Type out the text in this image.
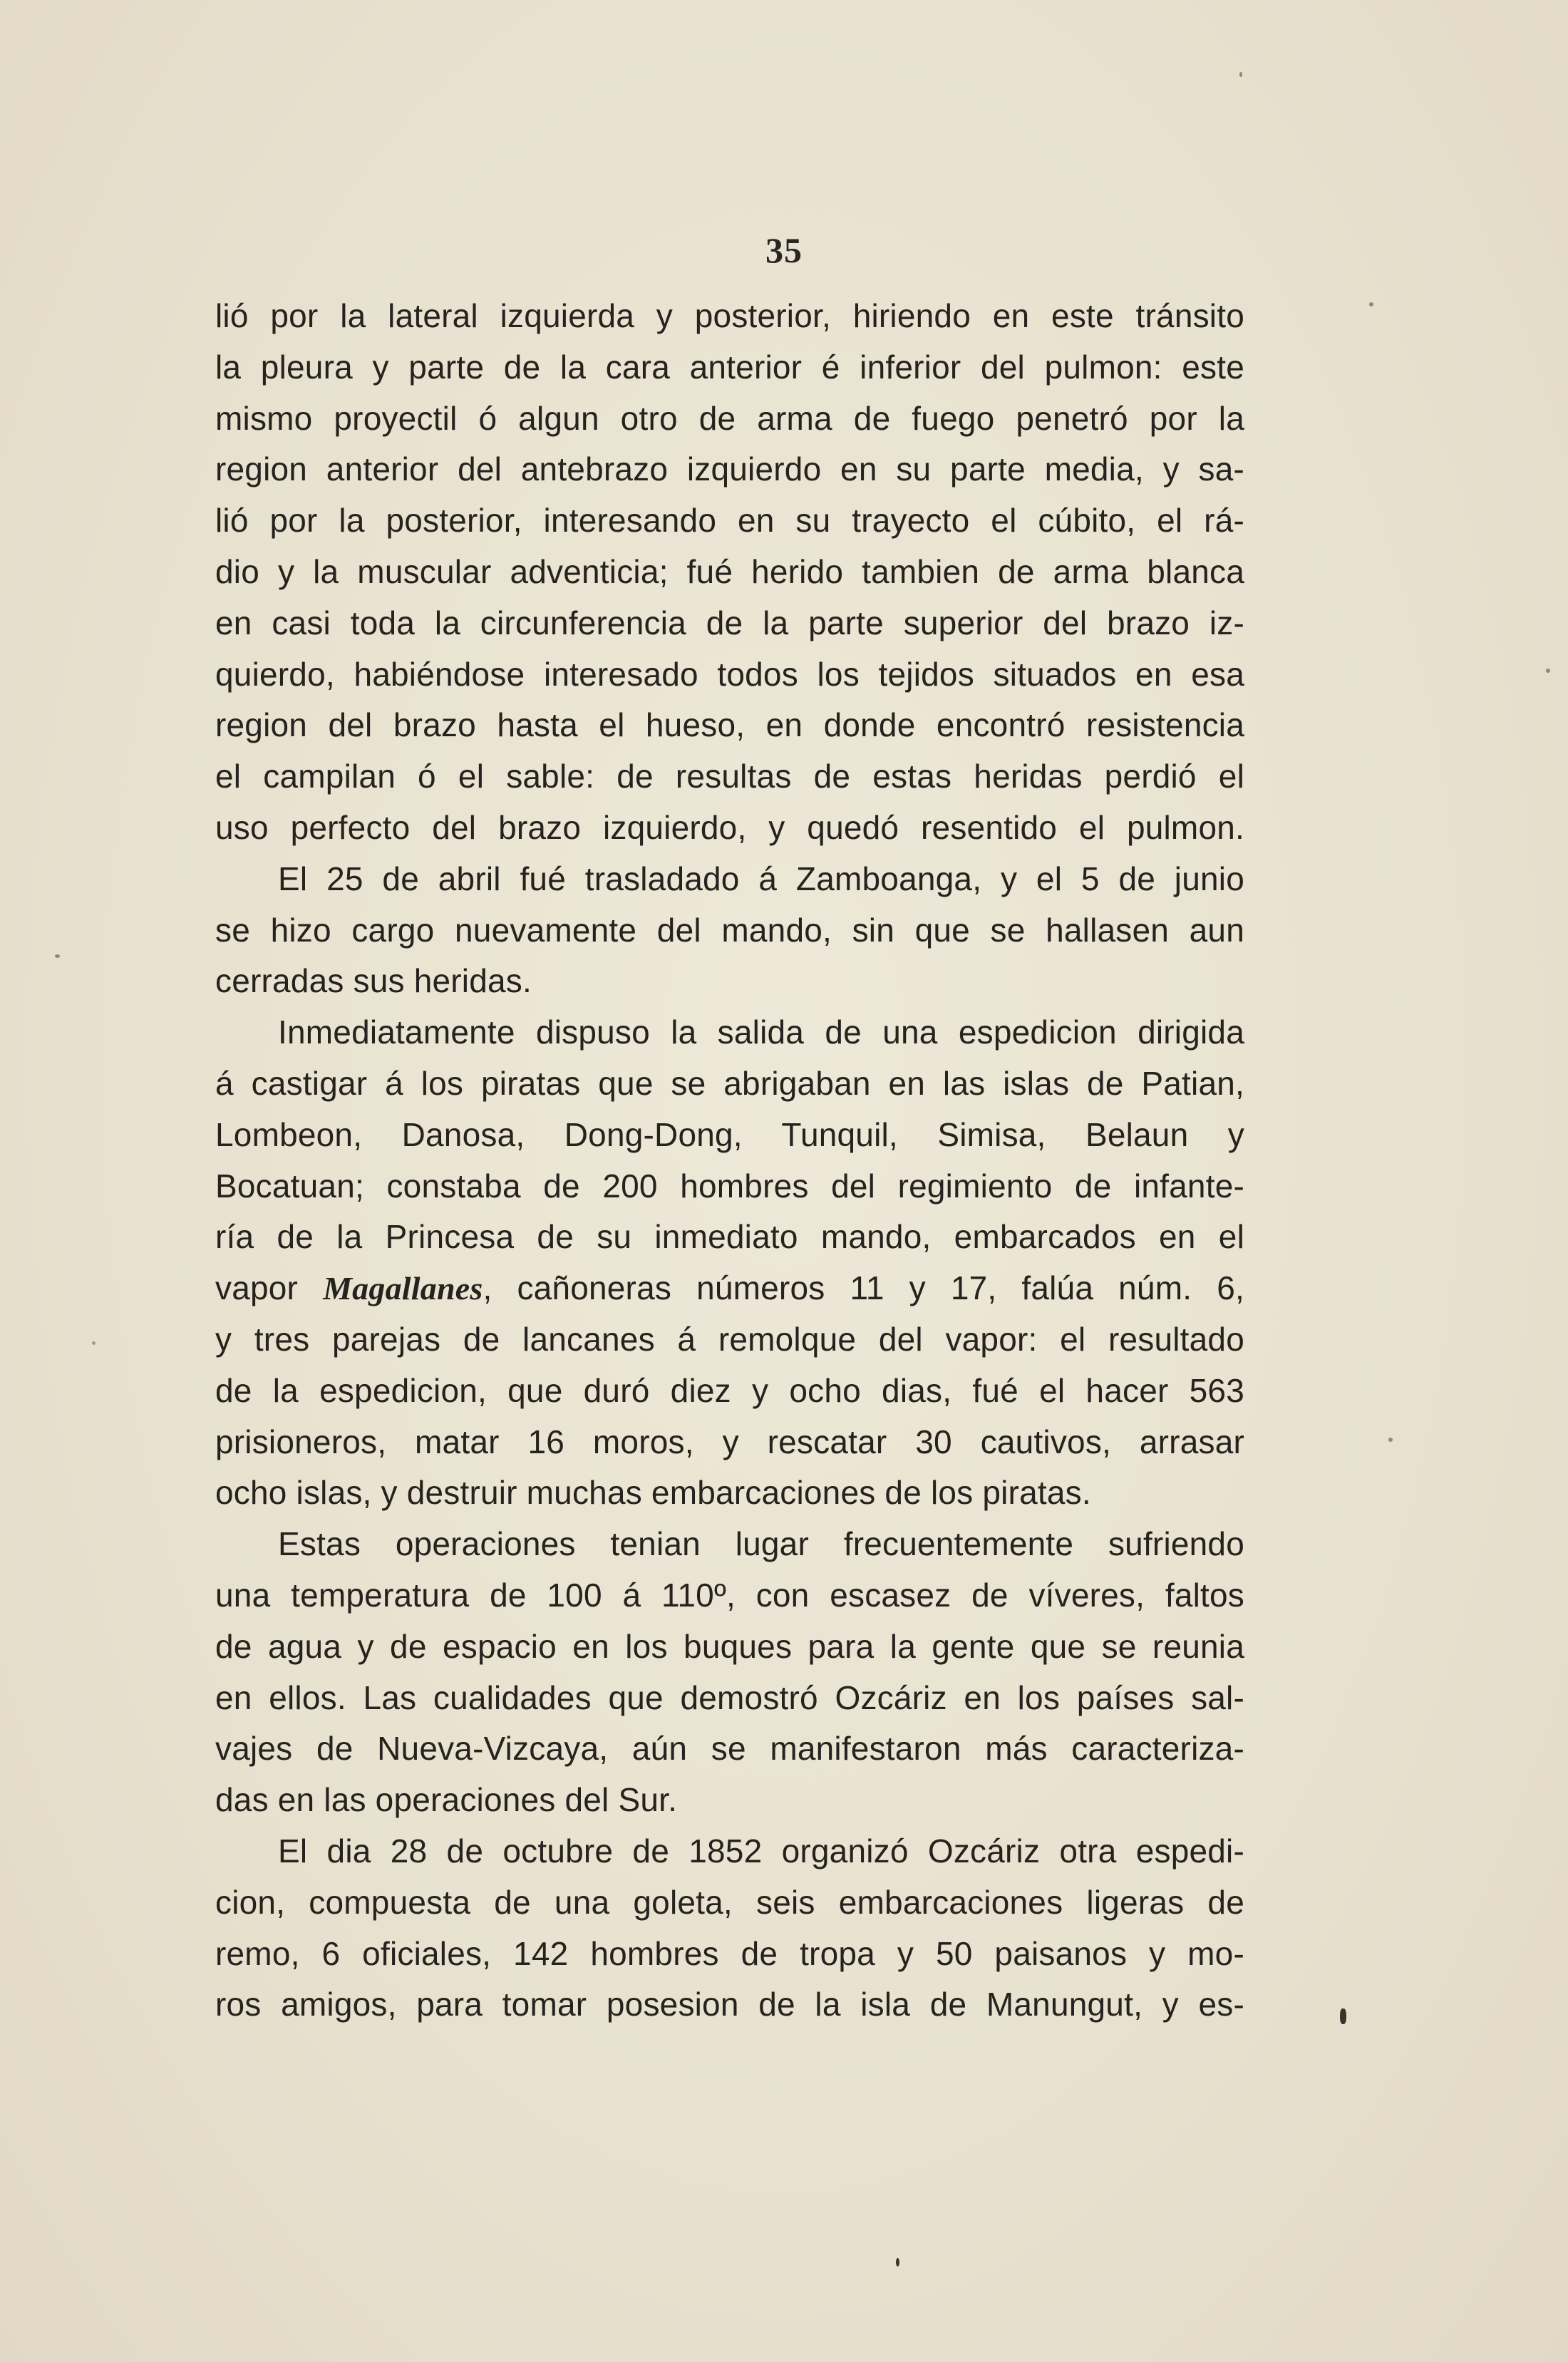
35
lió por la lateral izquierda y posterior, hiriendo en este tránsito
la pleura y parte de la cara anterior é inferior del pulmon: este
mismo proyectil ó algun otro de arma de fuego penetró por la
region anterior del antebrazo izquierdo en su parte media, y sa-
lió por la posterior, interesando en su trayecto el cúbito, el rá-
dio y la muscular adventicia; fué herido tambien de arma blanca
en casi toda la circunferencia de la parte superior del brazo iz-
quierdo, habiéndose interesado todos los tejidos situados en esa
region del brazo hasta el hueso, en donde encontró resistencia
el campilan ó el sable: de resultas de estas heridas perdió el
uso perfecto del brazo izquierdo, y quedó resentido el pulmon.
El 25 de abril fué trasladado á Zamboanga, y el 5 de junio
se hizo cargo nuevamente del mando, sin que se hallasen aun
cerradas sus heridas.
Inmediatamente dispuso la salida de una espedicion dirigida
á castigar á los piratas que se abrigaban en las islas de Patian,
Lombeon, Danosa, Dong-Dong, Tunquil, Simisa, Belaun y
Bocatuan; constaba de 200 hombres del regimiento de infante-
ría de la Princesa de su inmediato mando, embarcados en el
vapor Magallanes, cañoneras números 11 y 17, falúa núm. 6,
y tres parejas de lancanes á remolque del vapor: el resultado
de la espedicion, que duró diez y ocho dias, fué el hacer 563
prisioneros, matar 16 moros, y rescatar 30 cautivos, arrasar
ocho islas, y destruir muchas embarcaciones de los piratas.
Estas operaciones tenian lugar frecuentemente sufriendo
una temperatura de 100 á 110º, con escasez de víveres, faltos
de agua y de espacio en los buques para la gente que se reunia
en ellos. Las cualidades que demostró Ozcáriz en los países sal-
vajes de Nueva-Vizcaya, aún se manifestaron más caracteriza-
das en las operaciones del Sur.
El dia 28 de octubre de 1852 organizó Ozcáriz otra espedi-
cion, compuesta de una goleta, seis embarcaciones ligeras de
remo, 6 oficiales, 142 hombres de tropa y 50 paisanos y mo-
ros amigos, para tomar posesion de la isla de Manungut, y es-
